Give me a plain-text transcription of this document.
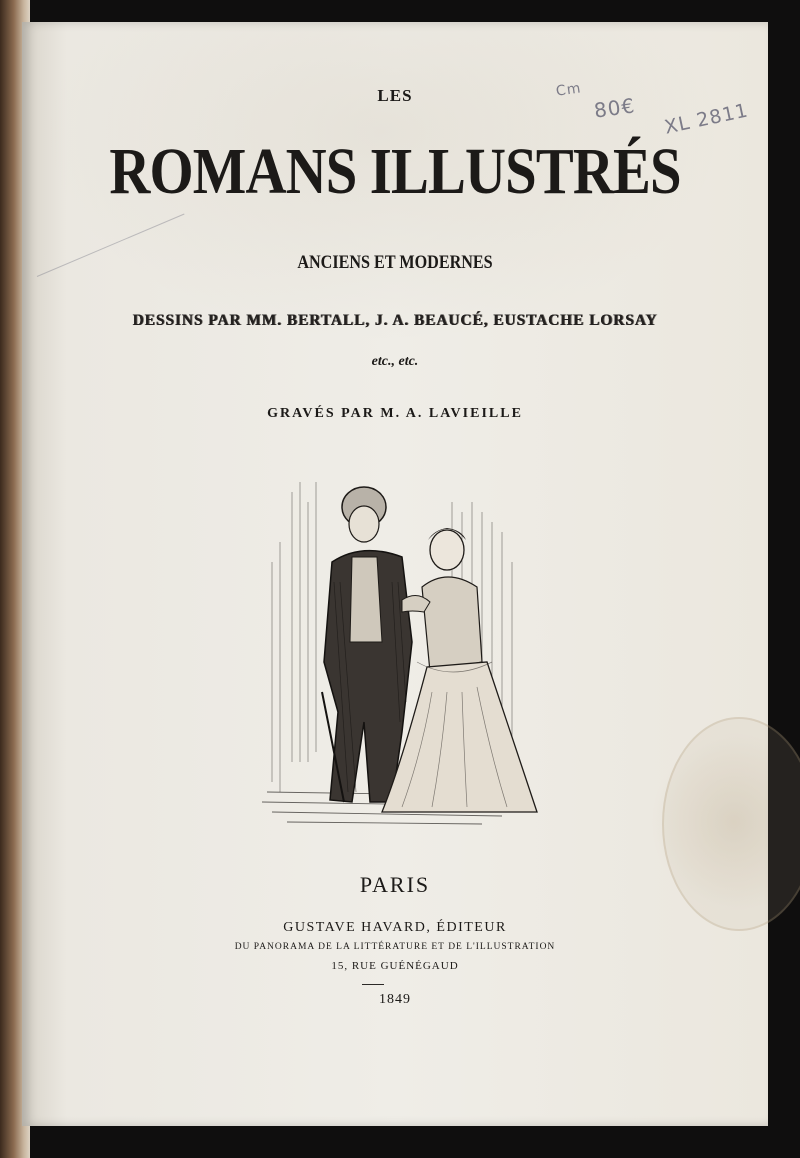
Cm
80€ XL 2811
LES
ROMANS ILLUSTRÉS
ANCIENS ET MODERNES
DESSINS PAR MM. BERTALL, J. A. BEAUCÉ, EUSTACHE LORSAY
etc., etc.
GRAVÉS PAR M. A. LAVIEILLE
PARIS
GUSTAVE HAVARD, ÉDITEUR
DU PANORAMA DE LA LITTÉRATURE ET DE L'ILLUSTRATION
15, RUE GUÉNÉGAUD
1849
